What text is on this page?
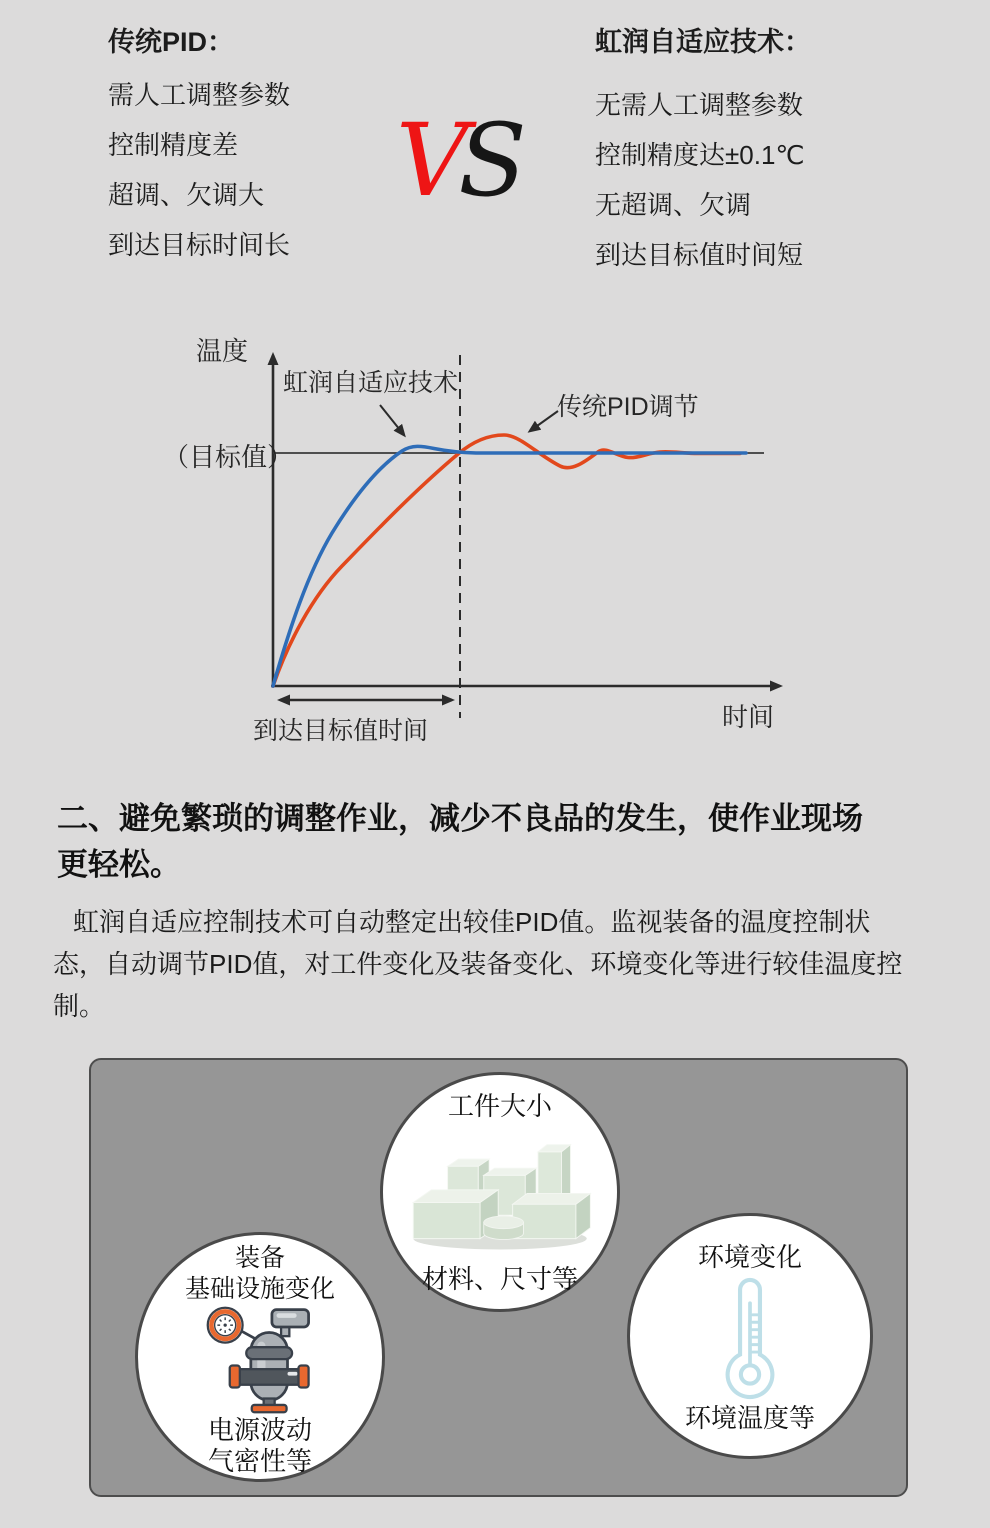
传统PID：
需人工调整参数
控制精度差
超调、欠调大
到达目标时间长
VS
虹润自适应技术：
无需人工调整参数
控制精度达±0.1℃
无超调、欠调
到达目标值时间短
温度
（目标值）
虹润自适应技术
传统PID调节
时间
到达目标值时间
二、避免繁琐的调整作业，减少不良品的发生，使作业现场更轻松。

虹润自适应控制技术可自动整定出较佳PID值。监视装备的温度控制状态，自动调节PID值，对工件变化及装备变化、环境变化等进行较佳温度控制。

工件大小
材料、尺寸等
装备
基础设施变化
电源波动
气密性等
环境变化
环境温度等
